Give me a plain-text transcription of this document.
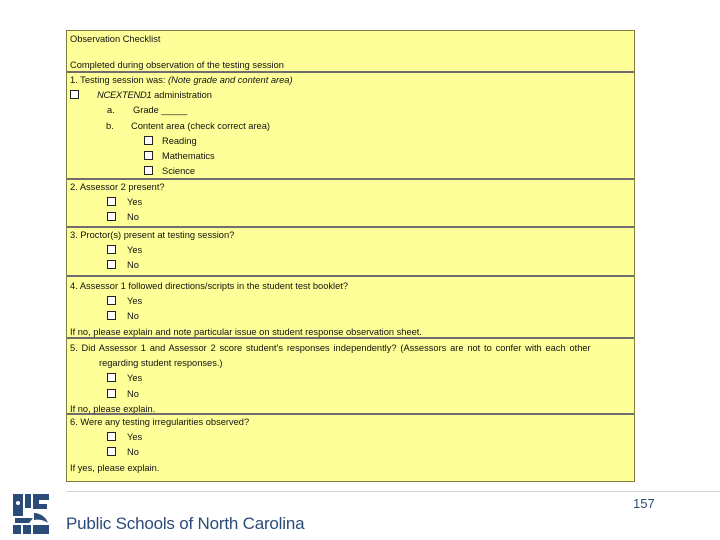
Observation Checklist
Completed during observation of the testing session
1. Testing session was: (Note grade and content area)
NCEXTEND1 administration
a. Grade _____
b. Content area (check correct area)
Reading
Mathematics
Science
2. Assessor 2 present?
Yes
No
3. Proctor(s) present at testing session?
Yes
No
4. Assessor 1 followed directions/scripts in the student test booklet?
Yes
No
If no, please explain and note particular issue on student response observation sheet.
5. Did Assessor 1 and Assessor 2 score student’s responses independently? (Assessors are not to confer with each other
regarding student responses.)
Yes
No
If no, please explain.
6. Were any testing irregularities observed?
Yes
No
If yes, please explain.
Public Schools of North Carolina
157
